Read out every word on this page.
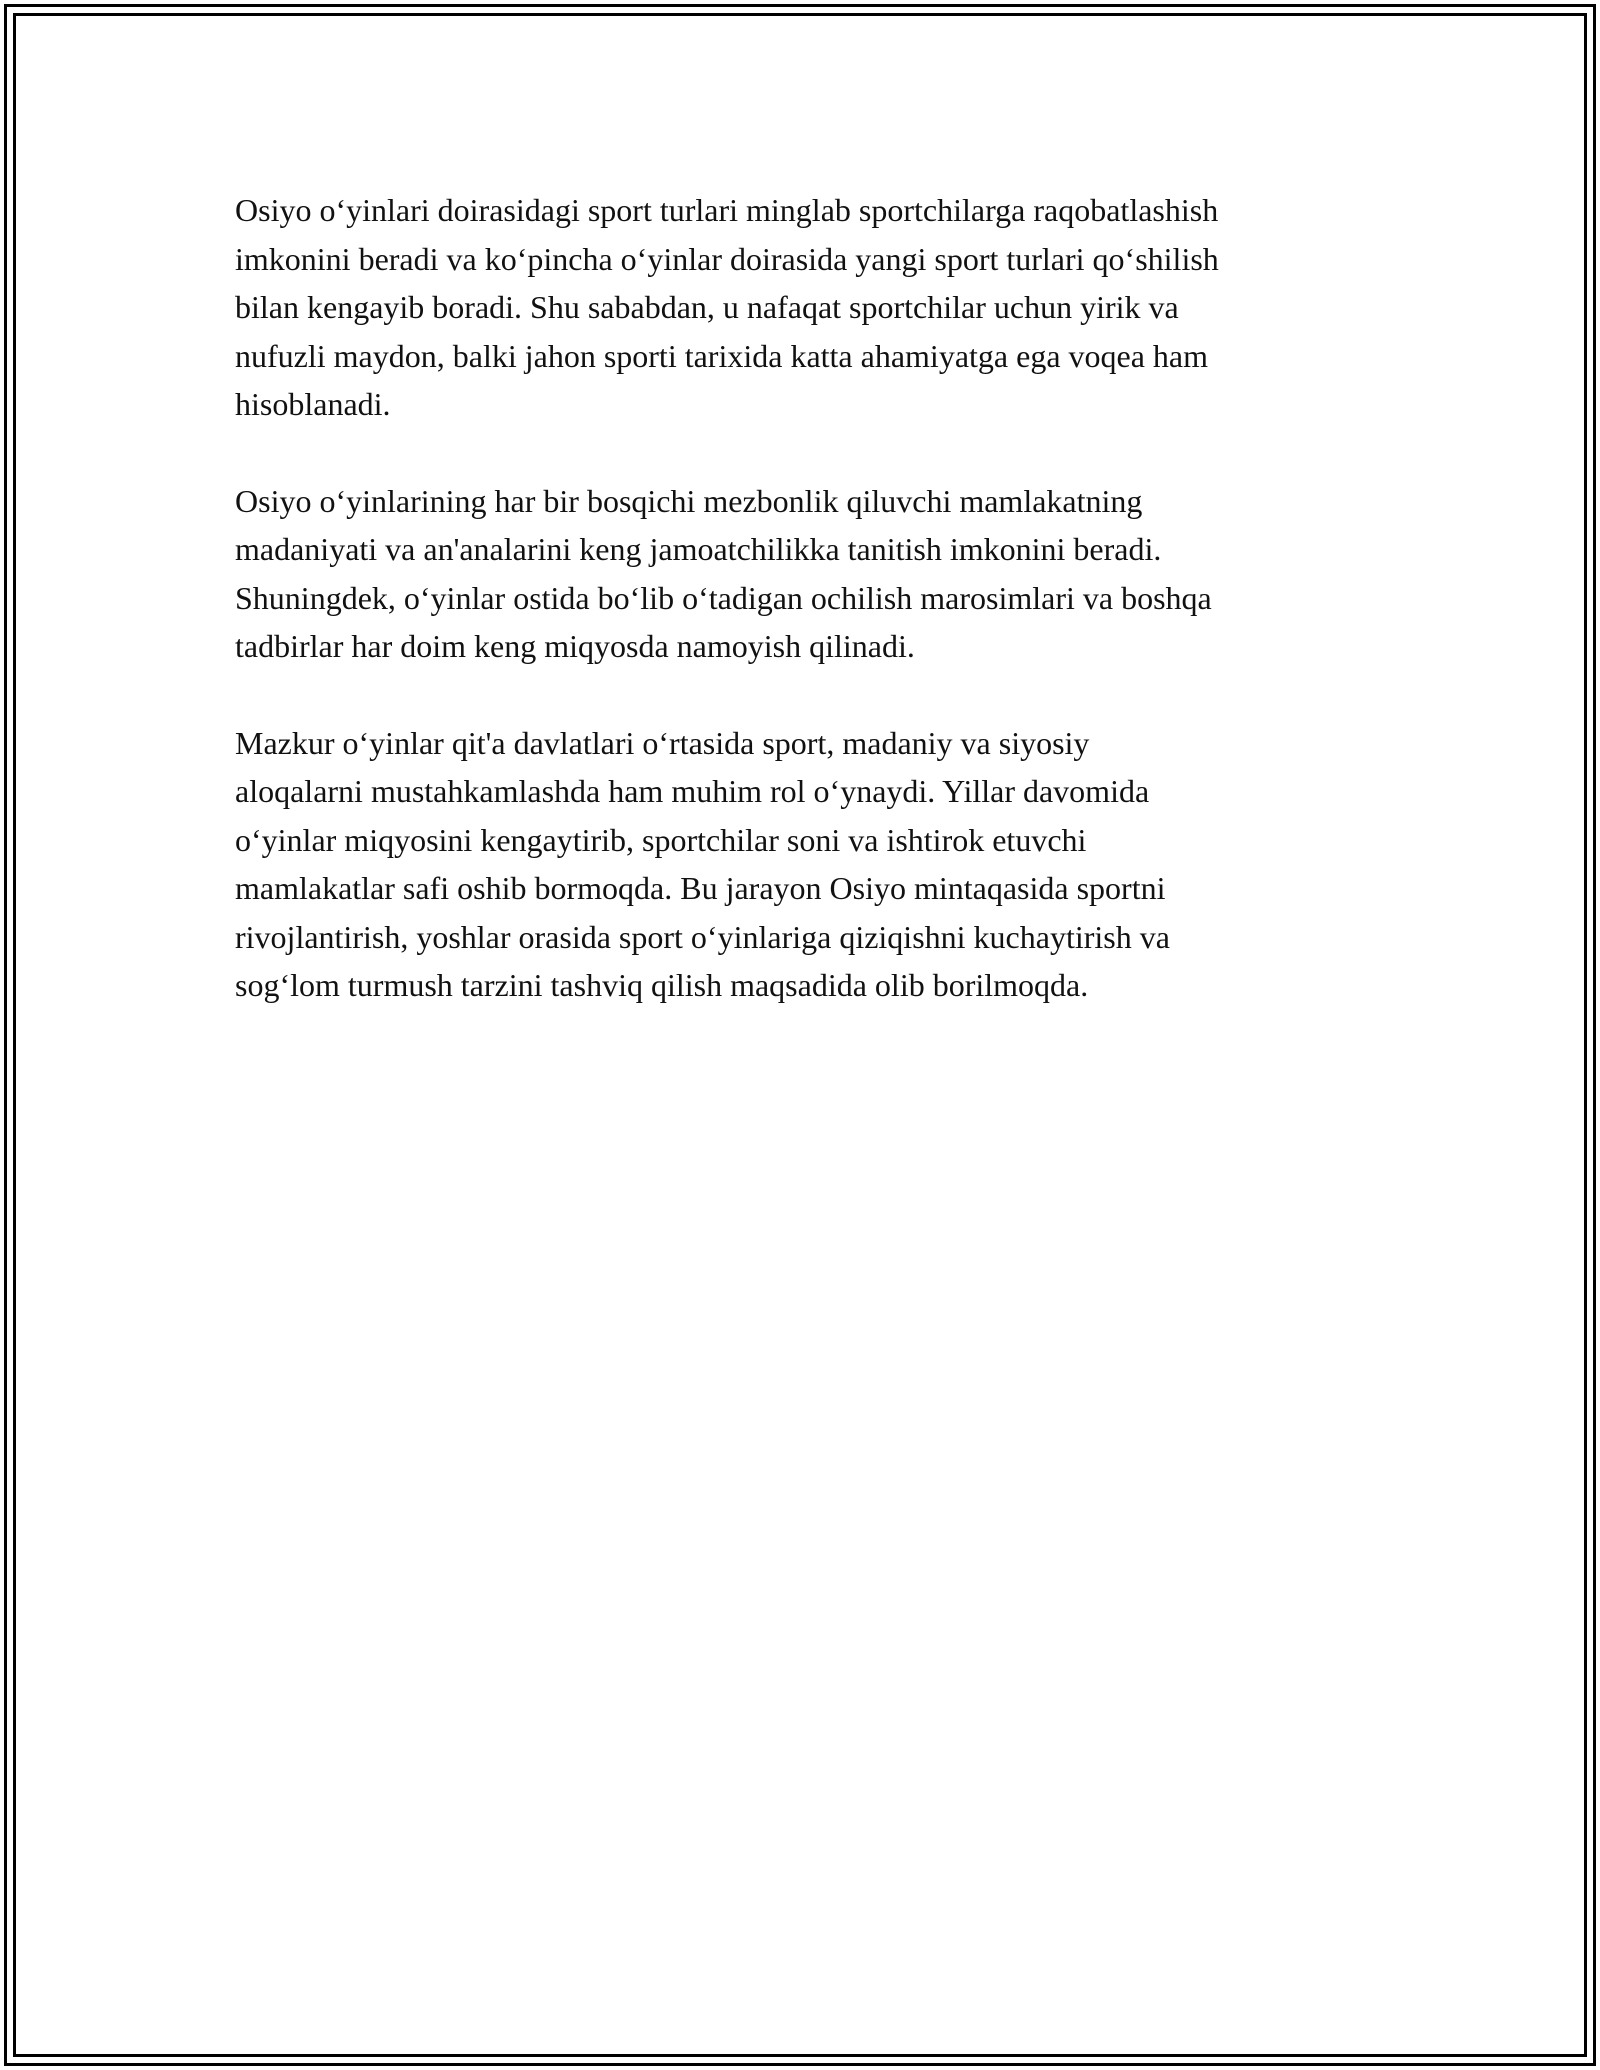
Osiyo o‘yinlari doirasidagi sport turlari minglab sportchilarga raqobatlashish
imkonini beradi va ko‘pincha o‘yinlar doirasida yangi sport turlari qo‘shilish
bilan kengayib boradi. Shu sababdan, u nafaqat sportchilar uchun yirik va
nufuzli maydon, balki jahon sporti tarixida katta ahamiyatga ega voqea ham
hisoblanadi.

Osiyo o‘yinlarining har bir bosqichi mezbonlik qiluvchi mamlakatning
madaniyati va an'analarini keng jamoatchilikka tanitish imkonini beradi.
Shuningdek, o‘yinlar ostida bo‘lib o‘tadigan ochilish marosimlari va boshqa
tadbirlar har doim keng miqyosda namoyish qilinadi.

Mazkur o‘yinlar qit'a davlatlari o‘rtasida sport, madaniy va siyosiy
aloqalarni mustahkamlashda ham muhim rol o‘ynaydi. Yillar davomida
o‘yinlar miqyosini kengaytirib, sportchilar soni va ishtirok etuvchi
mamlakatlar safi oshib bormoqda. Bu jarayon Osiyo mintaqasida sportni
rivojlantirish, yoshlar orasida sport o‘yinlariga qiziqishni kuchaytirish va
sog‘lom turmush tarzini tashviq qilish maqsadida olib borilmoqda.
